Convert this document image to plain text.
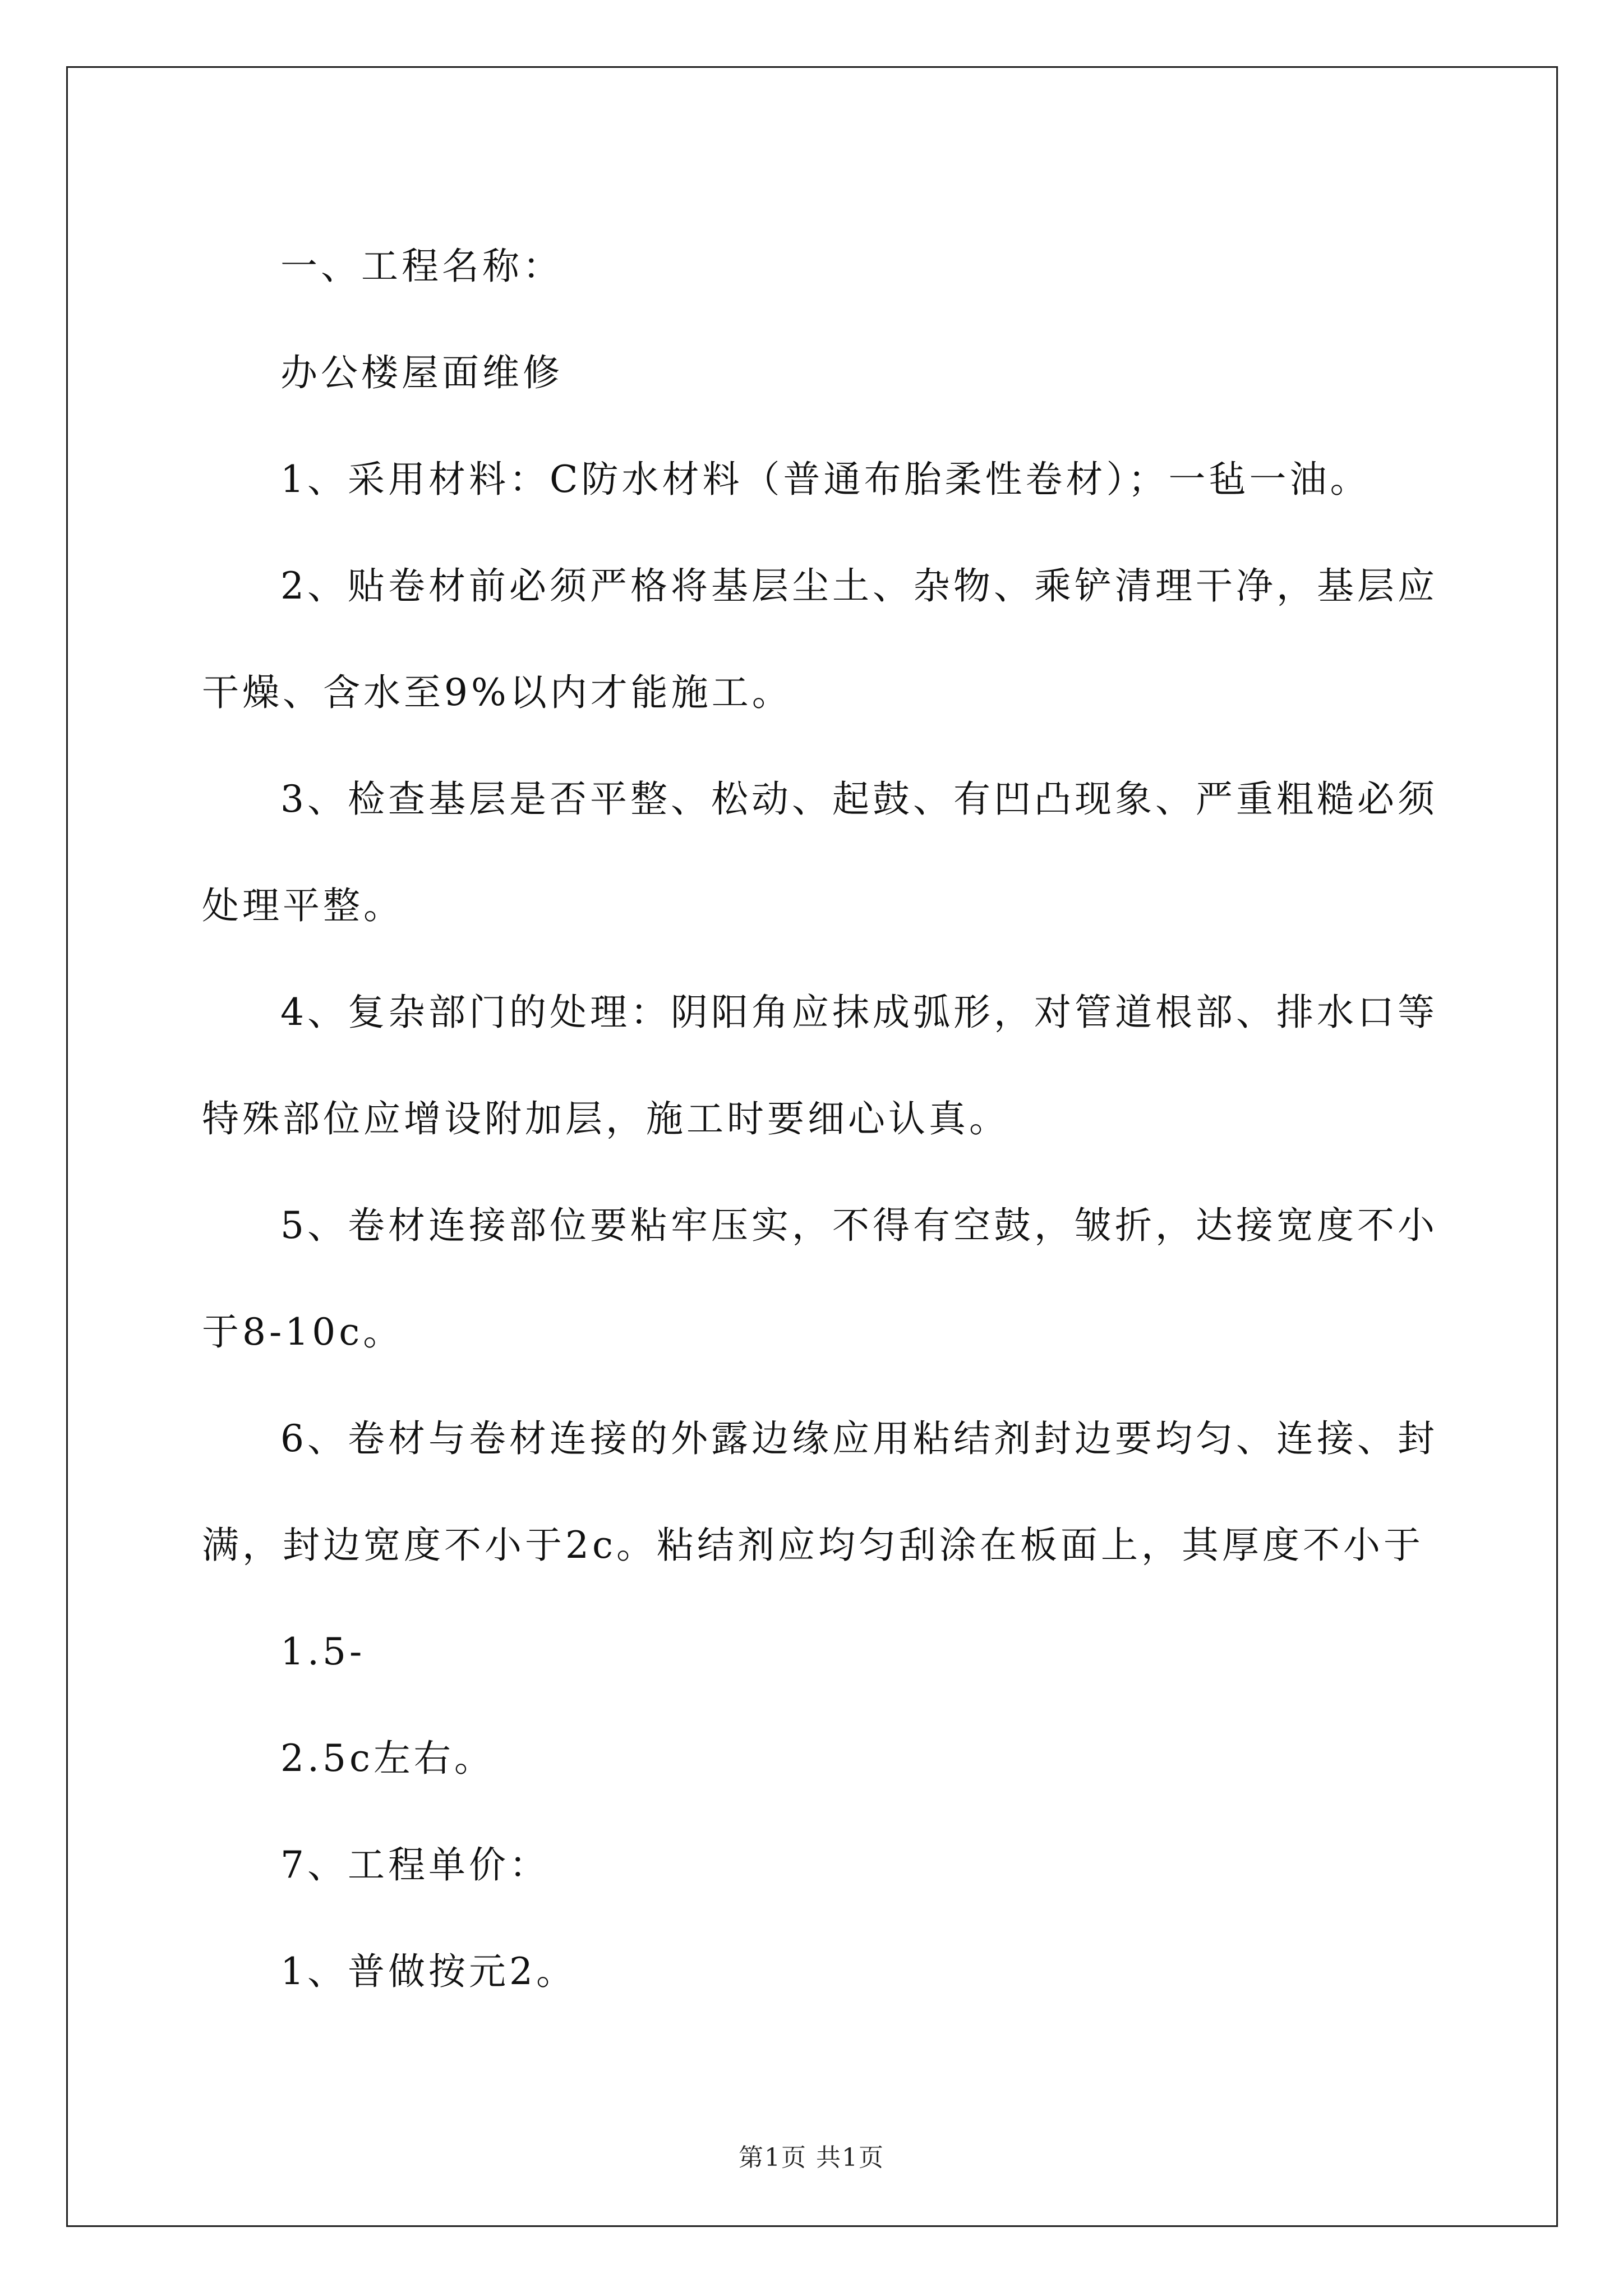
一、工程名称：

办公楼屋面维修

1、采用材料：C防水材料（普通布胎柔性卷材）；一毡一油。

2、贴卷材前必须严格将基层尘土、杂物、乘铲清理干净，基层应

干燥、含水至9%以内才能施工。

3、检查基层是否平整、松动、起鼓、有凹凸现象、严重粗糙必须

处理平整。

4、复杂部门的处理：阴阳角应抹成弧形，对管道根部、排水口等

特殊部位应增设附加层，施工时要细心认真。

5、卷材连接部位要粘牢压实，不得有空鼓，皱折，达接宽度不小

于8-10c。

6、卷材与卷材连接的外露边缘应用粘结剂封边要均匀、连接、封

满，封边宽度不小于2c。粘结剂应均匀刮涂在板面上，其厚度不小于

1.5-

2.5c左右。

7、工程单价：

1、普做按元2。

第1页 共1页
